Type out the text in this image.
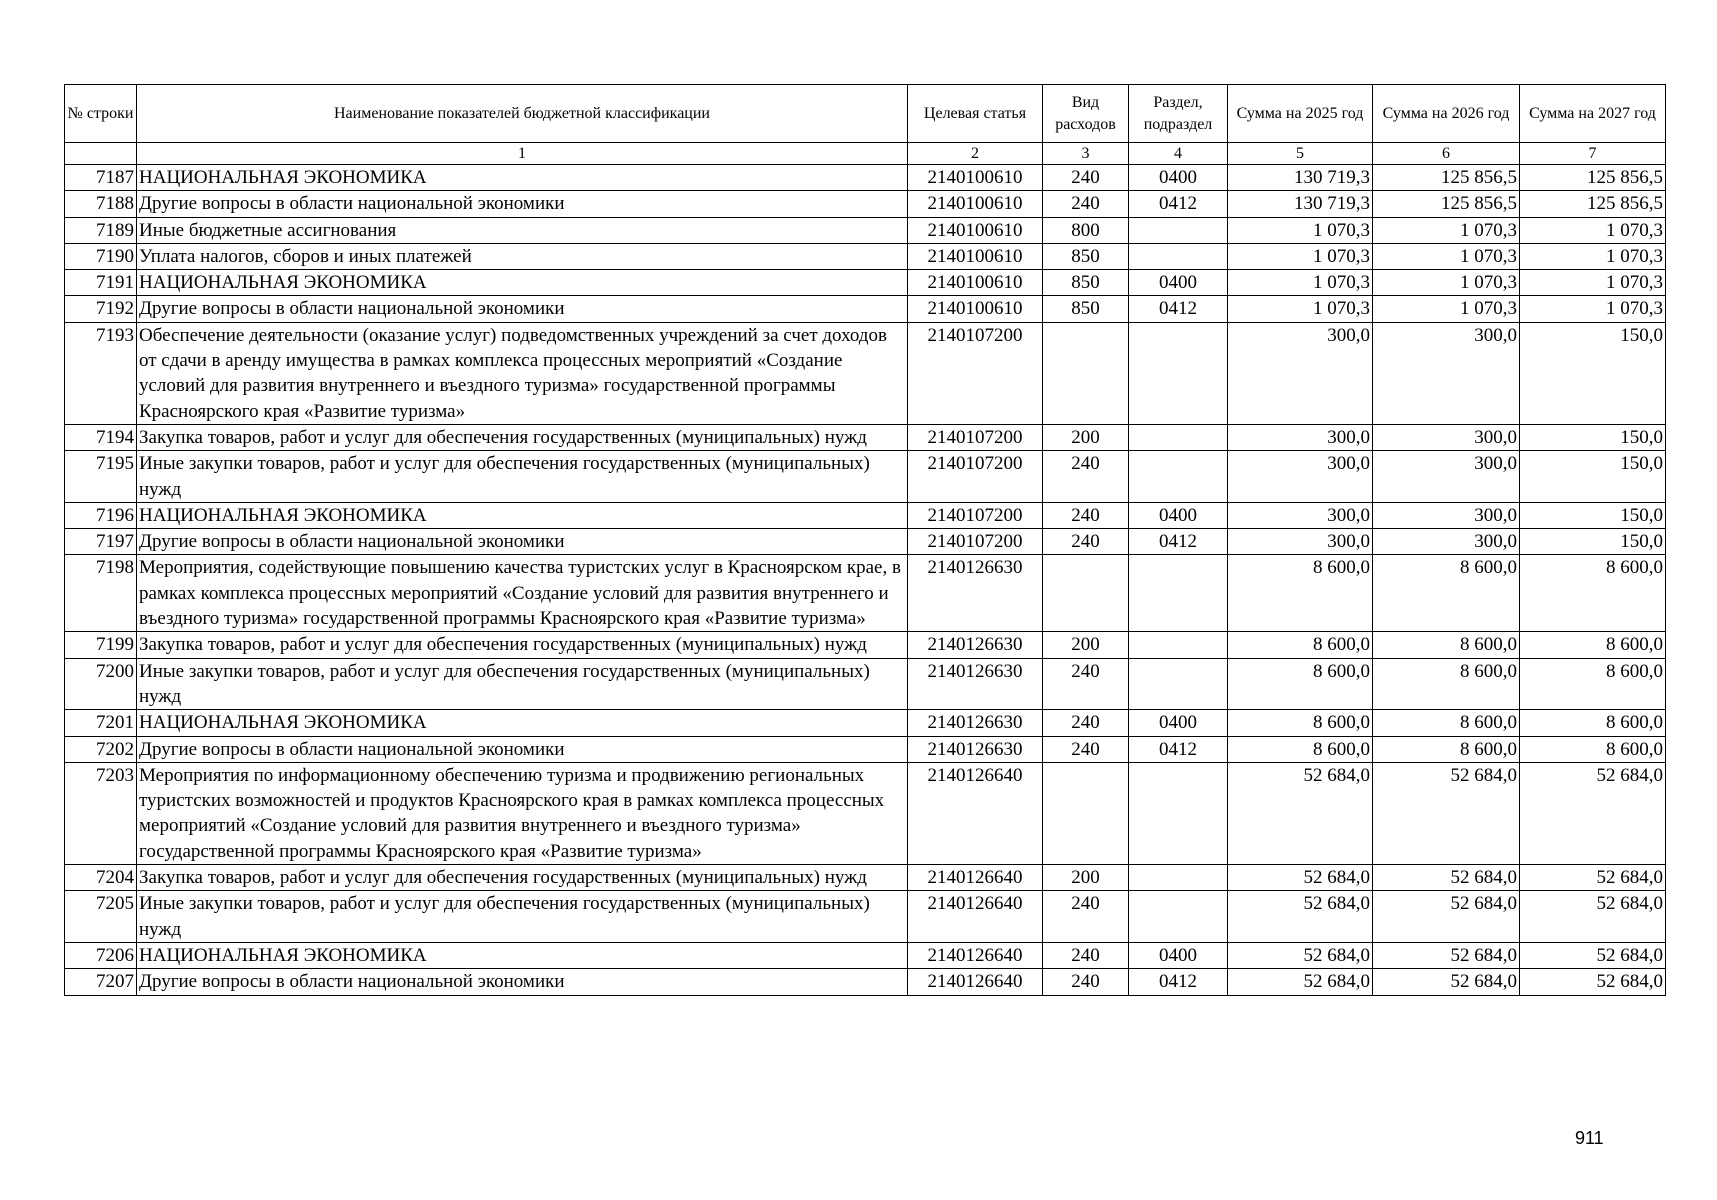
№ строки	Наименование показателей бюджетной классификации	Целевая статья	Вид расходов	Раздел, подраздел	Сумма на 2025 год	Сумма на 2026 год	Сумма на 2027 год
	1	2	3	4	5	6	7
7187	НАЦИОНАЛЬНАЯ ЭКОНОМИКА	2140100610	240	0400	130 719,3	125 856,5	125 856,5
7188	Другие вопросы в области национальной экономики	2140100610	240	0412	130 719,3	125 856,5	125 856,5
7189	Иные бюджетные ассигнования	2140100610	800		1 070,3	1 070,3	1 070,3
7190	Уплата налогов, сборов и иных платежей	2140100610	850		1 070,3	1 070,3	1 070,3
7191	НАЦИОНАЛЬНАЯ ЭКОНОМИКА	2140100610	850	0400	1 070,3	1 070,3	1 070,3
7192	Другие вопросы в области национальной экономики	2140100610	850	0412	1 070,3	1 070,3	1 070,3
7193	Обеспечение деятельности (оказание услуг) подведомственных учреждений за счет доходов от сдачи в аренду имущества в рамках комплекса процессных мероприятий «Создание условий для развития внутреннего и въездного туризма» государственной программы Красноярского края «Развитие туризма»	2140107200			300,0	300,0	150,0
7194	Закупка товаров, работ и услуг для обеспечения государственных (муниципальных) нужд	2140107200	200		300,0	300,0	150,0
7195	Иные закупки товаров, работ и услуг для обеспечения государственных (муниципальных) нужд	2140107200	240		300,0	300,0	150,0
7196	НАЦИОНАЛЬНАЯ ЭКОНОМИКА	2140107200	240	0400	300,0	300,0	150,0
7197	Другие вопросы в области национальной экономики	2140107200	240	0412	300,0	300,0	150,0
7198	Мероприятия, содействующие повышению качества туристских услуг в Красноярском крае, в рамках комплекса процессных мероприятий «Создание условий для развития внутреннего и въездного туризма» государственной программы Красноярского края «Развитие туризма»	2140126630			8 600,0	8 600,0	8 600,0
7199	Закупка товаров, работ и услуг для обеспечения государственных (муниципальных) нужд	2140126630	200		8 600,0	8 600,0	8 600,0
7200	Иные закупки товаров, работ и услуг для обеспечения государственных (муниципальных) нужд	2140126630	240		8 600,0	8 600,0	8 600,0
7201	НАЦИОНАЛЬНАЯ ЭКОНОМИКА	2140126630	240	0400	8 600,0	8 600,0	8 600,0
7202	Другие вопросы в области национальной экономики	2140126630	240	0412	8 600,0	8 600,0	8 600,0
7203	Мероприятия по информационному обеспечению туризма и продвижению региональных туристских возможностей и продуктов Красноярского края в рамках комплекса процессных мероприятий «Создание условий для развития внутреннего и въездного туризма» государственной программы Красноярского края «Развитие туризма»	2140126640			52 684,0	52 684,0	52 684,0
7204	Закупка товаров, работ и услуг для обеспечения государственных (муниципальных) нужд	2140126640	200		52 684,0	52 684,0	52 684,0
7205	Иные закупки товаров, работ и услуг для обеспечения государственных (муниципальных) нужд	2140126640	240		52 684,0	52 684,0	52 684,0
7206	НАЦИОНАЛЬНАЯ ЭКОНОМИКА	2140126640	240	0400	52 684,0	52 684,0	52 684,0
7207	Другие вопросы в области национальной экономики	2140126640	240	0412	52 684,0	52 684,0	52 684,0
911
